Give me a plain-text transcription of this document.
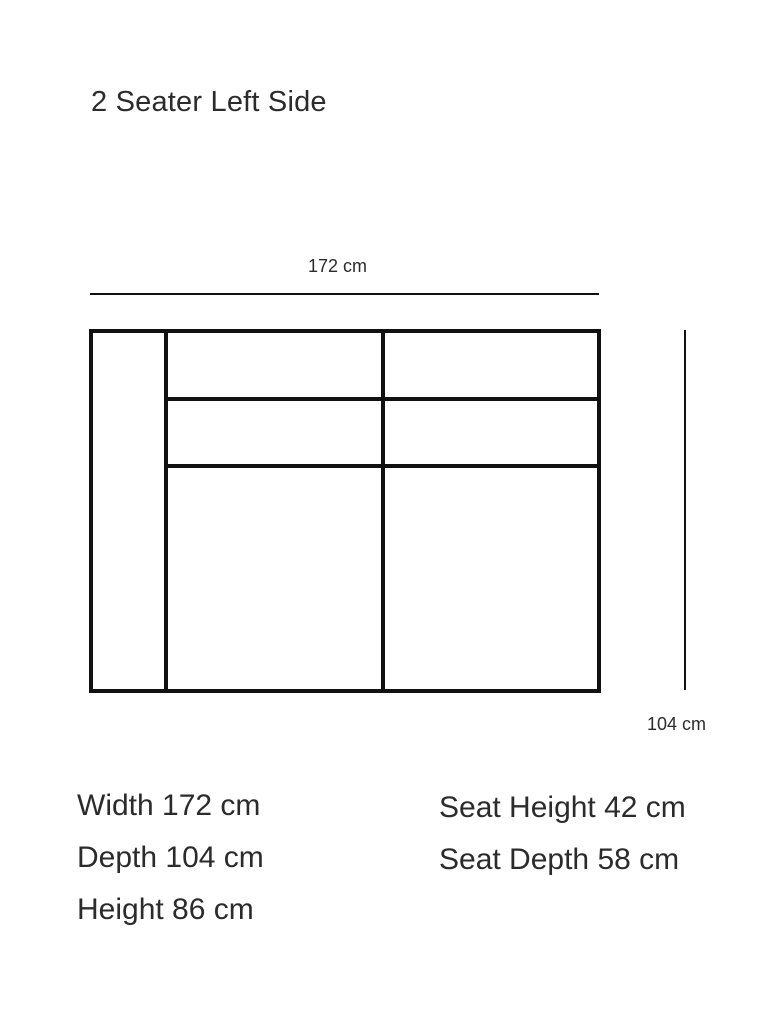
2 Seater Left Side
172 cm
104 cm
Width 172 cm
Depth 104 cm
Height 86 cm
Seat Height 42 cm
Seat Depth 58 cm
